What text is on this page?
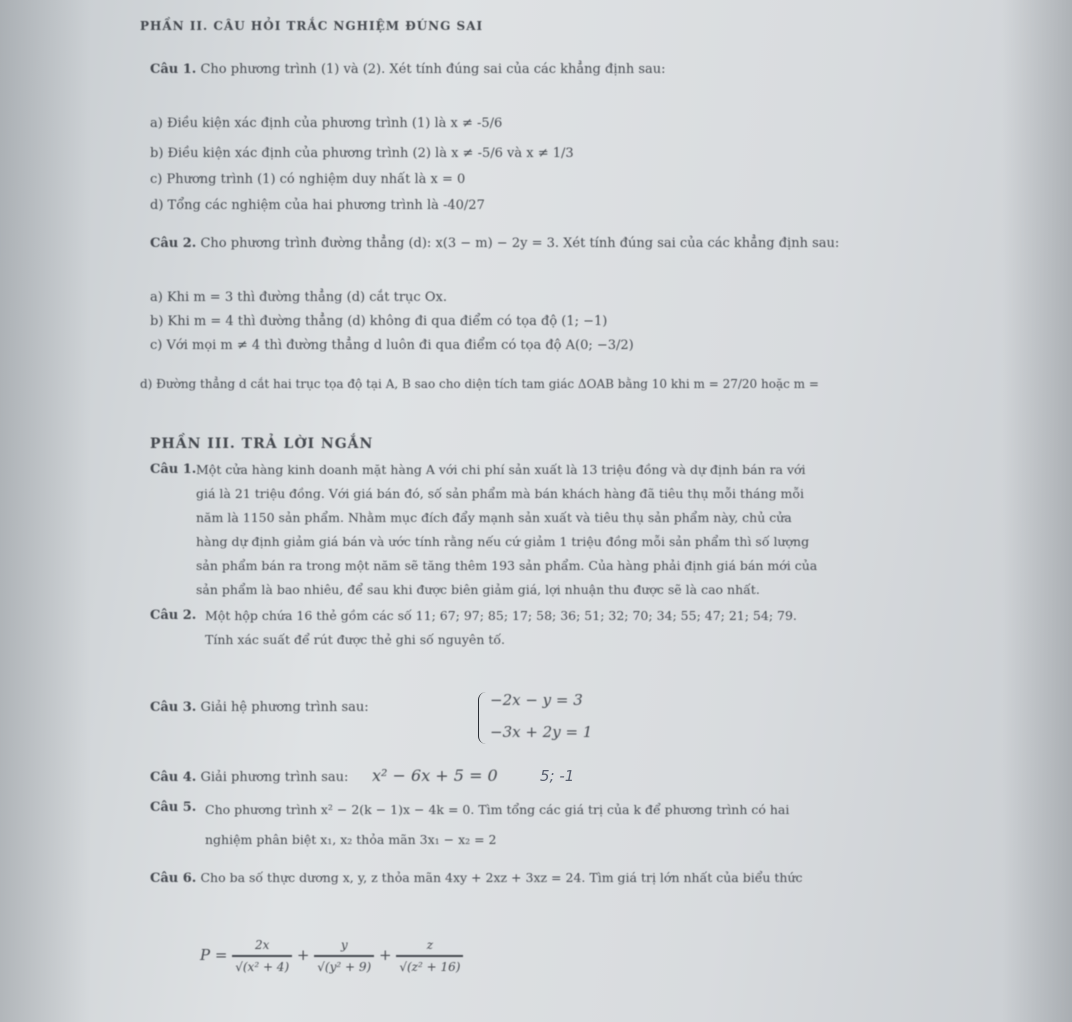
PHẦN II. CÂU HỎI TRẮC NGHIỆM ĐÚNG SAI
Câu 1. Cho phương trình (1) và (2). Xét tính đúng sai của các khẳng định sau:
a) Điều kiện xác định của phương trình (1) là x ≠ -5/6
b) Điều kiện xác định của phương trình (2) là x ≠ -5/6 và x ≠ 1/3
c) Phương trình (1) có nghiệm duy nhất là x = 0
d) Tổng các nghiệm của hai phương trình là -40/27
Câu 2. Cho phương trình đường thẳng (d): x(3 − m) − 2y = 3. Xét tính đúng sai của các khẳng định sau:
a) Khi m = 3 thì đường thẳng (d) cắt trục Ox.
b) Khi m = 4 thì đường thẳng (d) không đi qua điểm có tọa độ (1; −1)
c) Với mọi m ≠ 4 thì đường thẳng d luôn đi qua điểm có tọa độ A(0; −3/2)
d) Đường thẳng d cắt hai trục tọa độ tại A, B sao cho diện tích tam giác ΔOAB bằng 10 khi m = 27/20 hoặc m =
PHẦN III. TRẢ LỜI NGẮN
Câu 1. Một cửa hàng kinh doanh mặt hàng A với chi phí sản xuất là 13 triệu đồng và dự định bán ra với
giá là 21 triệu đồng. Với giá bán đó, số sản phẩm mà bán khách hàng đã tiêu thụ mỗi tháng mỗi
năm là 1150 sản phẩm. Nhằm mục đích đẩy mạnh sản xuất và tiêu thụ sản phẩm này, chủ cửa
hàng dự định giảm giá bán và ước tính rằng nếu cứ giảm 1 triệu đồng mỗi sản phẩm thì số lượng
sản phẩm bán ra trong một năm sẽ tăng thêm 193 sản phẩm. Của hàng phải định giá bán mới của
sản phẩm là bao nhiêu, để sau khi được biên giảm giá, lợi nhuận thu được sẽ là cao nhất.
Câu 2. Một hộp chứa 16 thẻ gồm các số 11; 67; 97; 85; 17; 58; 36; 51; 32; 70; 34; 55; 47; 21; 54; 79.
Tính xác suất để rút được thẻ ghi số nguyên tố.
Câu 3. Giải hệ phương trình sau:	−2x − y = 3
−3x + 2y = 1
Câu 4. Giải phương trình sau: x² − 6x + 5 = 0	5; -1
Câu 5. Cho phương trình x² − 2(k − 1)x − 4k = 0. Tìm tổng các giá trị của k để phương trình có hai
nghiệm phân biệt x₁, x₂ thỏa mãn 3x₁ − x₂ = 2
Câu 6. Cho ba số thực dương x, y, z thỏa mãn 4xy + 2xz + 3xz = 24. Tìm giá trị lớn nhất của biểu thức
$P = \frac{2x}{\text{√(x² + 4)}} + \frac{y}{\text{√(y² + 9)}} + \frac{z}{\text{√(z² + 16)}}$
